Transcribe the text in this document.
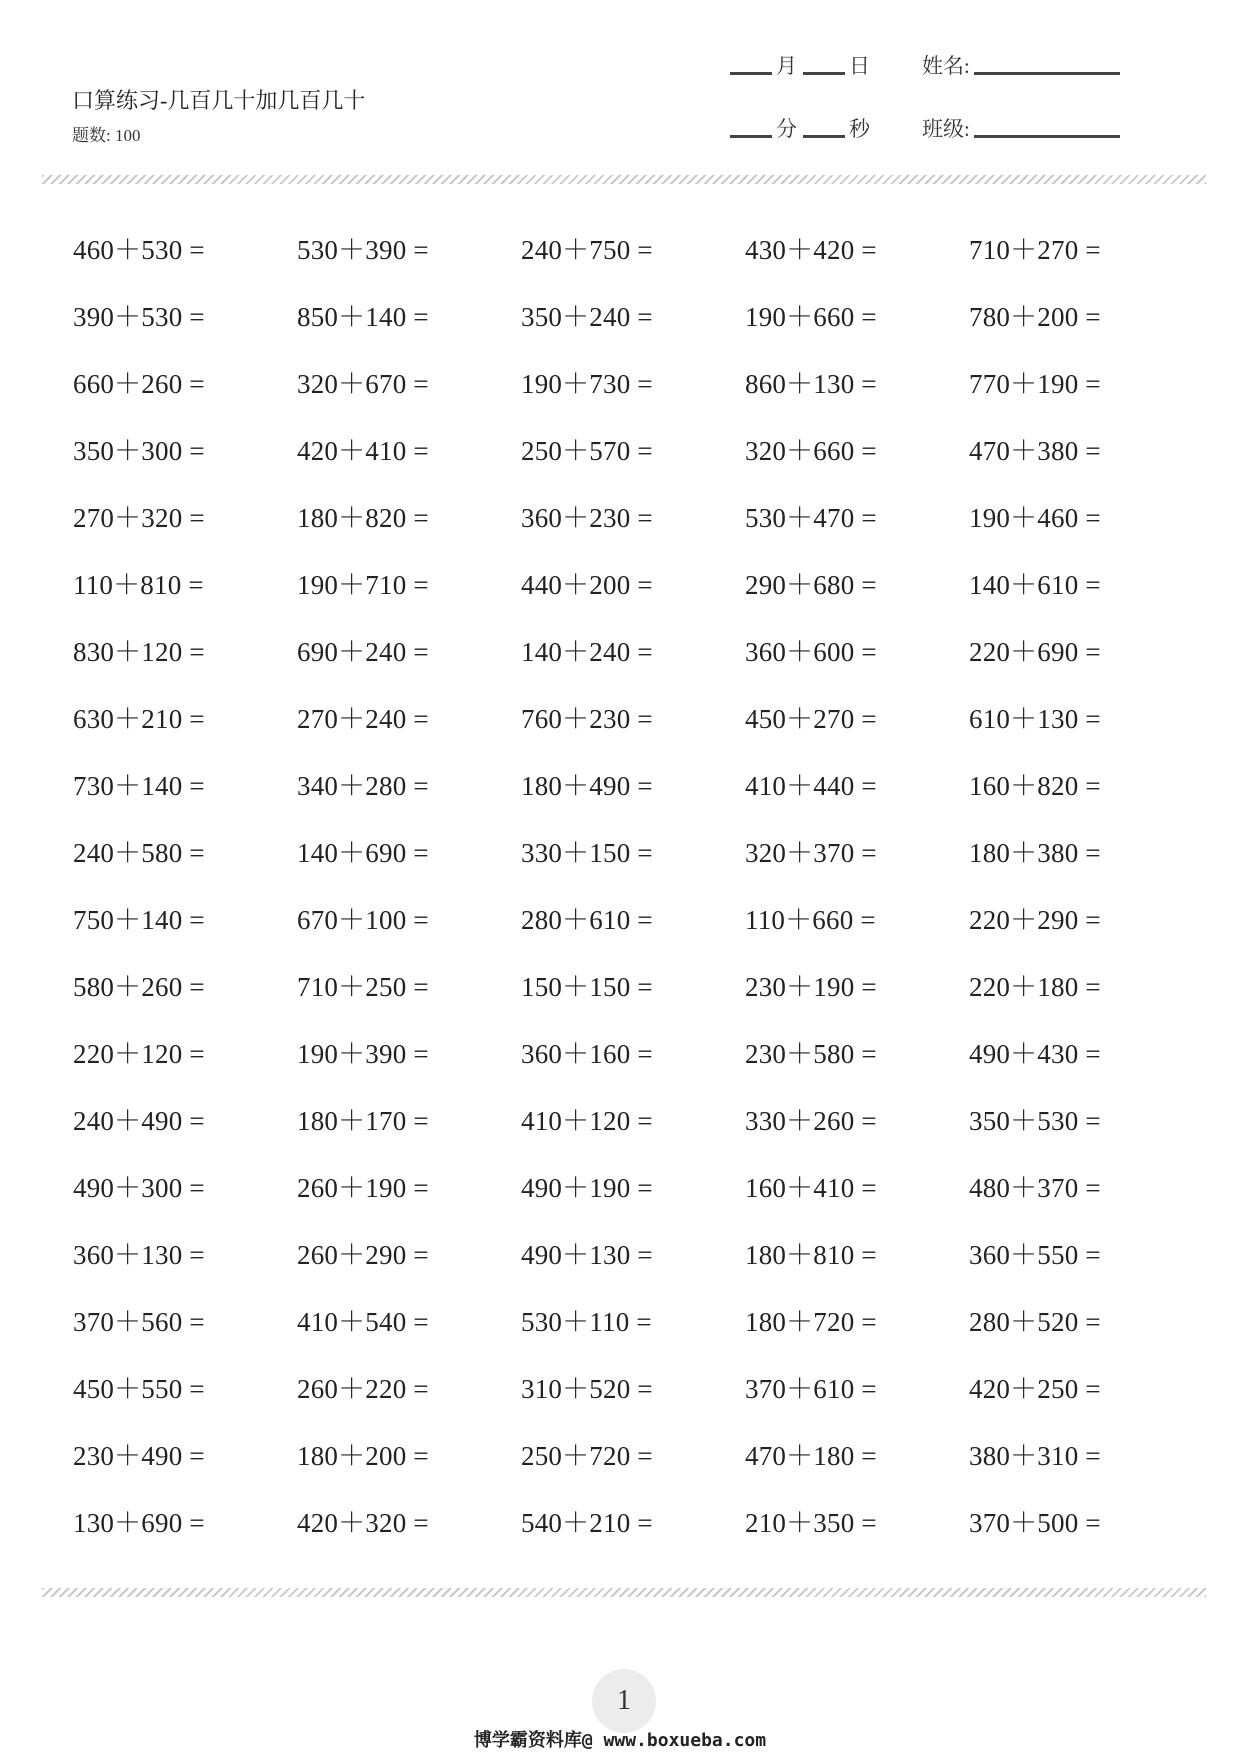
口算练习-几百几十加几百几十
题数: 100
月 日 姓名:
分 秒 班级:
460＋530 =	530＋390 =	240＋750 =	430＋420 =	710＋270 =
390＋530 =	850＋140 =	350＋240 =	190＋660 =	780＋200 =
660＋260 =	320＋670 =	190＋730 =	860＋130 =	770＋190 =
350＋300 =	420＋410 =	250＋570 =	320＋660 =	470＋380 =
270＋320 =	180＋820 =	360＋230 =	530＋470 =	190＋460 =
110＋810 =	190＋710 =	440＋200 =	290＋680 =	140＋610 =
830＋120 =	690＋240 =	140＋240 =	360＋600 =	220＋690 =
630＋210 =	270＋240 =	760＋230 =	450＋270 =	610＋130 =
730＋140 =	340＋280 =	180＋490 =	410＋440 =	160＋820 =
240＋580 =	140＋690 =	330＋150 =	320＋370 =	180＋380 =
750＋140 =	670＋100 =	280＋610 =	110＋660 =	220＋290 =
580＋260 =	710＋250 =	150＋150 =	230＋190 =	220＋180 =
220＋120 =	190＋390 =	360＋160 =	230＋580 =	490＋430 =
240＋490 =	180＋170 =	410＋120 =	330＋260 =	350＋530 =
490＋300 =	260＋190 =	490＋190 =	160＋410 =	480＋370 =
360＋130 =	260＋290 =	490＋130 =	180＋810 =	360＋550 =
370＋560 =	410＋540 =	530＋110 =	180＋720 =	280＋520 =
450＋550 =	260＋220 =	310＋520 =	370＋610 =	420＋250 =
230＋490 =	180＋200 =	250＋720 =	470＋180 =	380＋310 =
130＋690 =	420＋320 =	540＋210 =	210＋350 =	370＋500 =
1
博学霸资料库@ www.boxueba.com
